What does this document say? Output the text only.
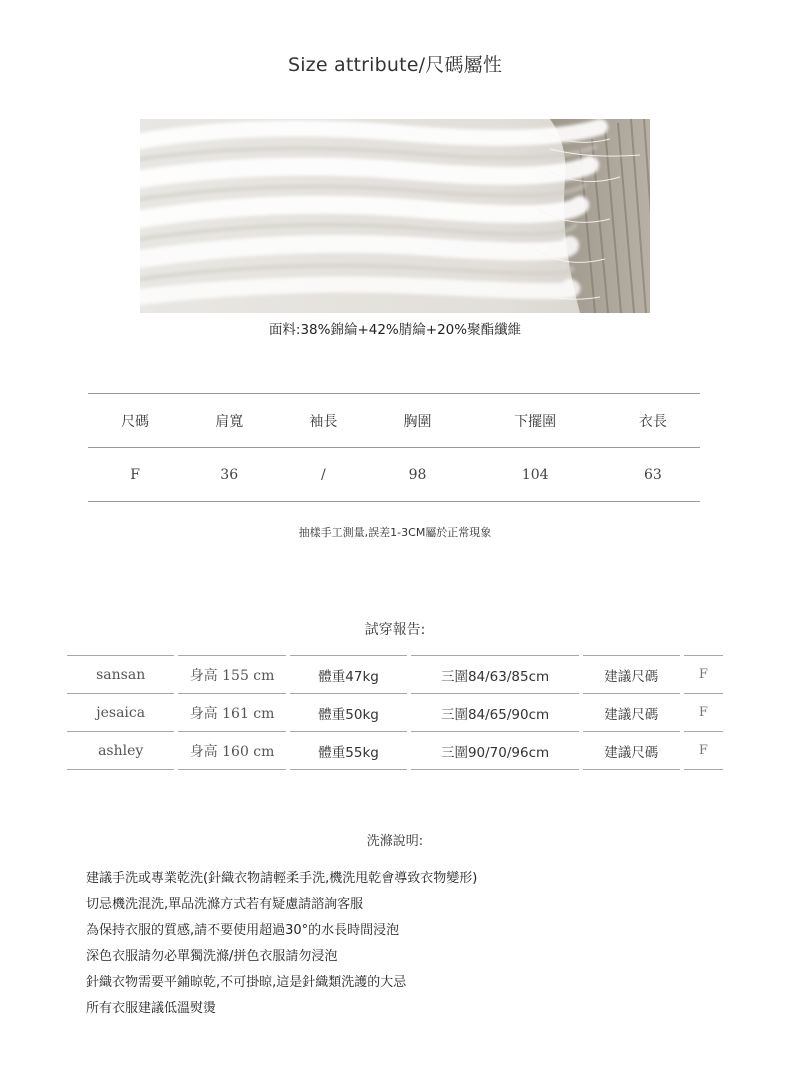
Size attribute/尺碼屬性
面料:38%錦綸+42%腈綸+20%聚酯纖維
尺碼	肩寬	袖長	胸圍	下擺圍	衣長
F	36	/	98	104	63
抽樣手工測量,誤差1-3CM屬於正常現象
試穿報告:
sansan	身高 155 cm	體重47kg	三圍84/63/85cm	建議尺碼	F
jesaica	身高 161 cm	體重50kg	三圍84/65/90cm	建議尺碼	F
ashley	身高 160 cm	體重55kg	三圍90/70/96cm	建議尺碼	F
洗滌說明:
建議手洗或專業乾洗(針織衣物請輕柔手洗,機洗甩乾會導致衣物變形)
切忌機洗混洗,單品洗滌方式若有疑慮請諮詢客服
為保持衣服的質感,請不要使用超過30°的水長時間浸泡
深色衣服請勿必單獨洗滌/拼色衣服請勿浸泡
針織衣物需要平鋪晾乾,不可掛晾,這是針織類洗護的大忌
所有衣服建議低溫熨燙
